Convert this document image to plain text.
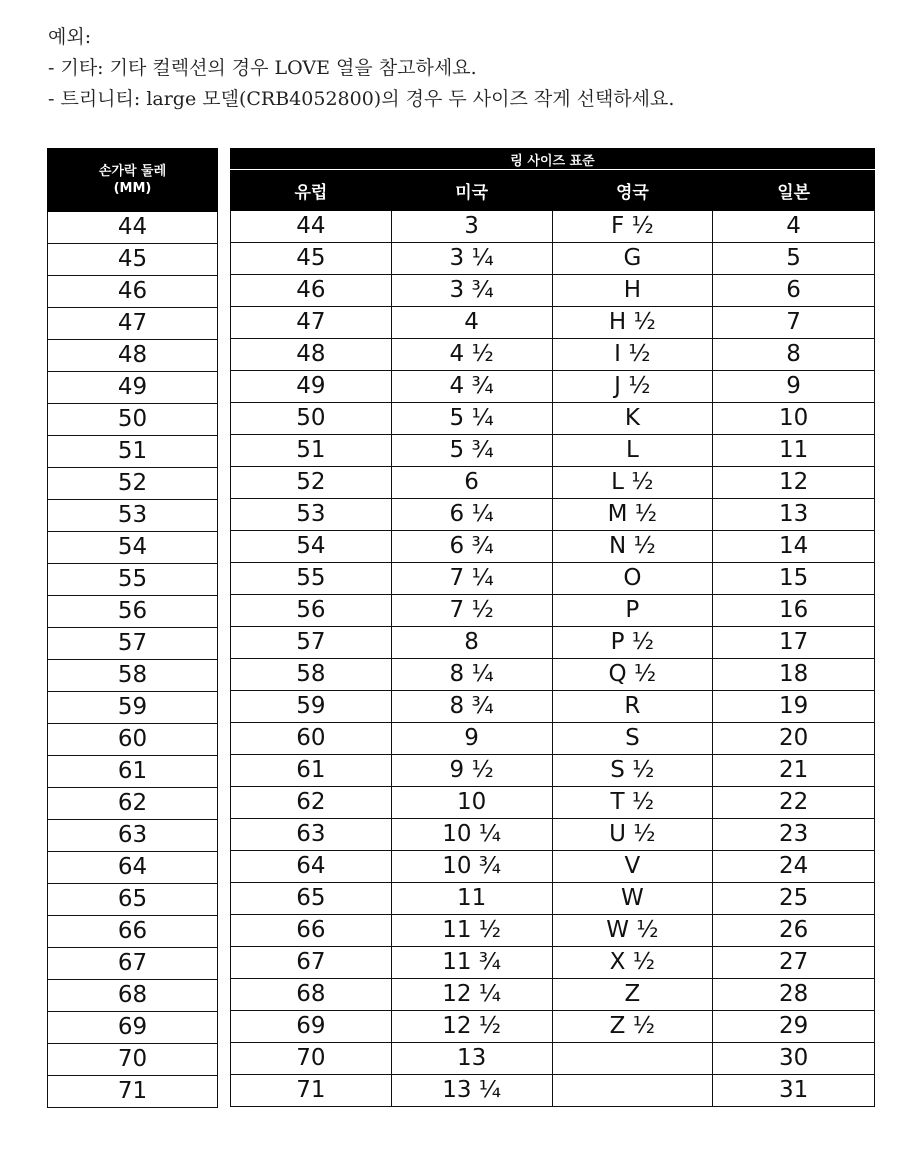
예외:
- 기타: 기타 컬렉션의 경우 LOVE 열을 참고하세요.
- 트리니티: large 모델(CRB4052800)의 경우 두 사이즈 작게 선택하세요.
손가락 둘레
(MM)

44
45
46
47
48
49
50
51
52
53
54
55
56
57
58
59
60
61
62
63
64
65
66
67
68
69
70
71
링 사이즈 표준			
유럽	미국	영국	일본
44	3	F ½	4
45	3 ¼	G	5
46	3 ¾	H	6
47	4	H ½	7
48	4 ½	I ½	8
49	4 ¾	J ½	9
50	5 ¼	K	10
51	5 ¾	L	11
52	6	L ½	12
53	6 ¼	M ½	13
54	6 ¾	N ½	14
55	7 ¼	O	15
56	7 ½	P	16
57	8	P ½	17
58	8 ¼	Q ½	18
59	8 ¾	R	19
60	9	S	20
61	9 ½	S ½	21
62	10	T ½	22
63	10 ¼	U ½	23
64	10 ¾	V	24
65	11	W	25
66	11 ½	W ½	26
67	11 ¾	X ½	27
68	12 ¼	Z	28
69	12 ½	Z ½	29
70	13		30
71	13 ¼		31
